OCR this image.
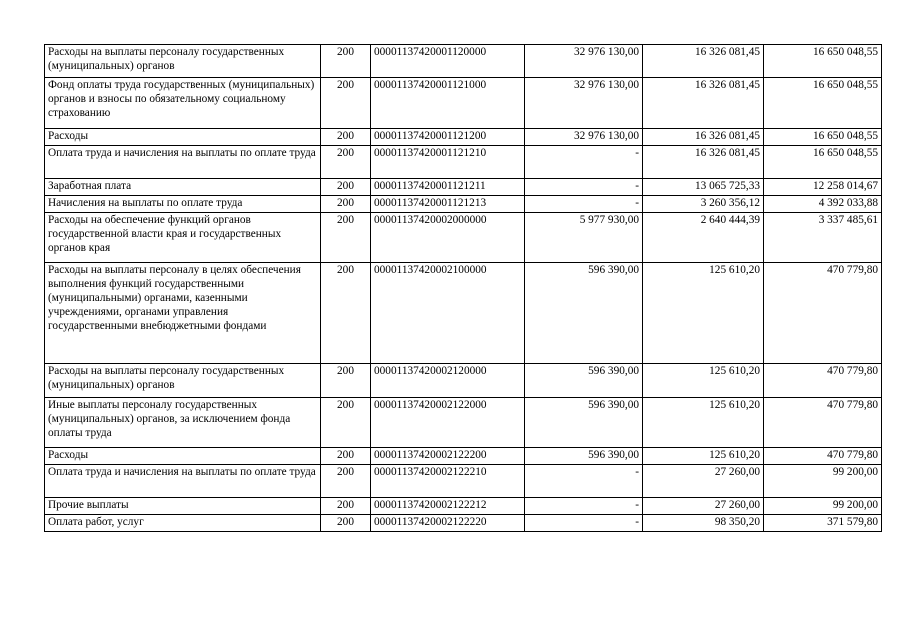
Расходы на выплаты персоналу государственных (муниципальных) органов	200	00001137420001120000	32 976 130,00	16 326 081,45	16 650 048,55
Фонд оплаты труда государственных (муниципальных) органов и взносы по обязательному социальному страхованию	200	00001137420001121000	32 976 130,00	16 326 081,45	16 650 048,55
Расходы	200	00001137420001121200	32 976 130,00	16 326 081,45	16 650 048,55
Оплата труда и начисления на выплаты по оплате труда	200	00001137420001121210	-	16 326 081,45	16 650 048,55
Заработная плата	200	00001137420001121211	-	13 065 725,33	12 258 014,67
Начисления на выплаты по оплате труда	200	00001137420001121213	-	3 260 356,12	4 392 033,88
Расходы на обеспечение функций органов государственной власти края и государственных органов края	200	00001137420002000000	5 977 930,00	2 640 444,39	3 337 485,61
Расходы на выплаты персоналу в целях обеспечения выполнения функций государственными (муниципальными) органами, казенными учреждениями, органами управления государственными внебюджетными фондами	200	00001137420002100000	596 390,00	125 610,20	470 779,80
Расходы на выплаты персоналу государственных (муниципальных) органов	200	00001137420002120000	596 390,00	125 610,20	470 779,80
Иные выплаты персоналу государственных (муниципальных) органов, за исключением фонда оплаты труда	200	00001137420002122000	596 390,00	125 610,20	470 779,80
Расходы	200	00001137420002122200	596 390,00	125 610,20	470 779,80
Оплата труда и начисления на выплаты по оплате труда	200	00001137420002122210	-	27 260,00	99 200,00
Прочие выплаты	200	00001137420002122212	-	27 260,00	99 200,00
Оплата работ, услуг	200	00001137420002122220	-	98 350,20	371 579,80
